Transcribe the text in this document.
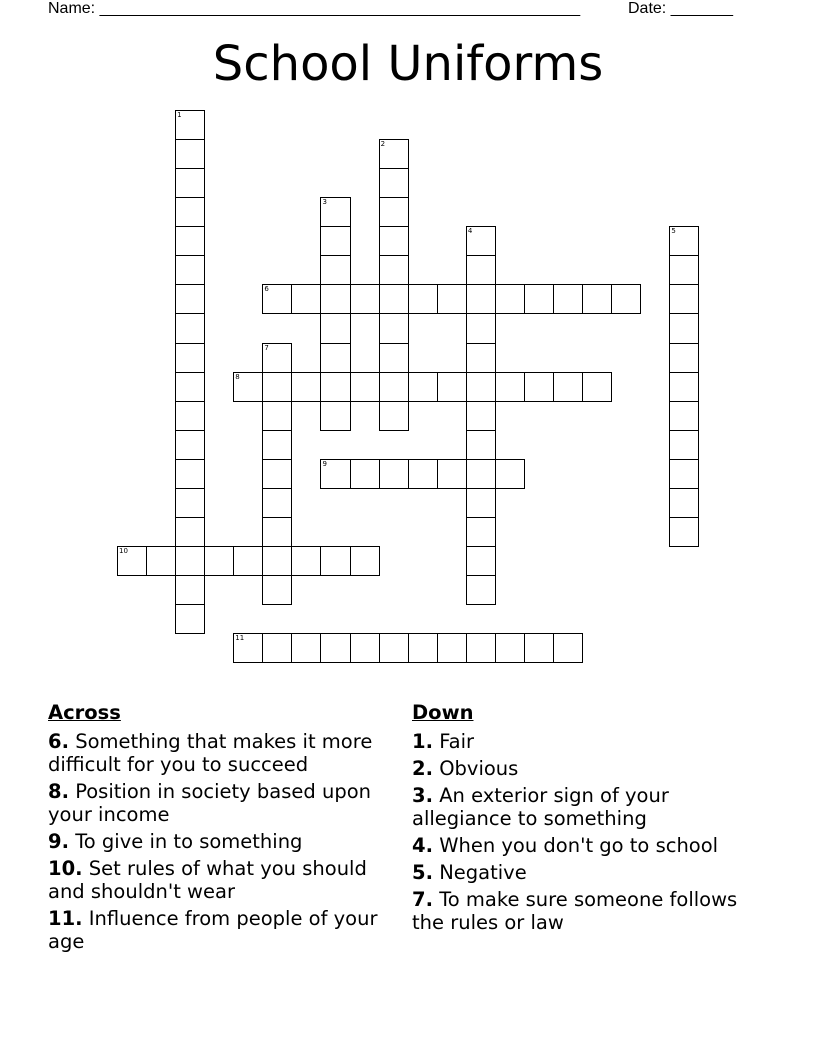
Name: ______________________________________________________	Date: _______
School Uniforms
1
2
3
4	5
6
7
8
9
10
11
Across
6. Something that makes it more difficult for you to succeed
8. Position in society based upon your income
9. To give in to something
10. Set rules of what you should and shouldn't wear
11. Influence from people of your age
Down
1. Fair
2. Obvious
3. An exterior sign of your allegiance to something
4. When you don't go to school
5. Negative
7. To make sure someone follows the rules or law
